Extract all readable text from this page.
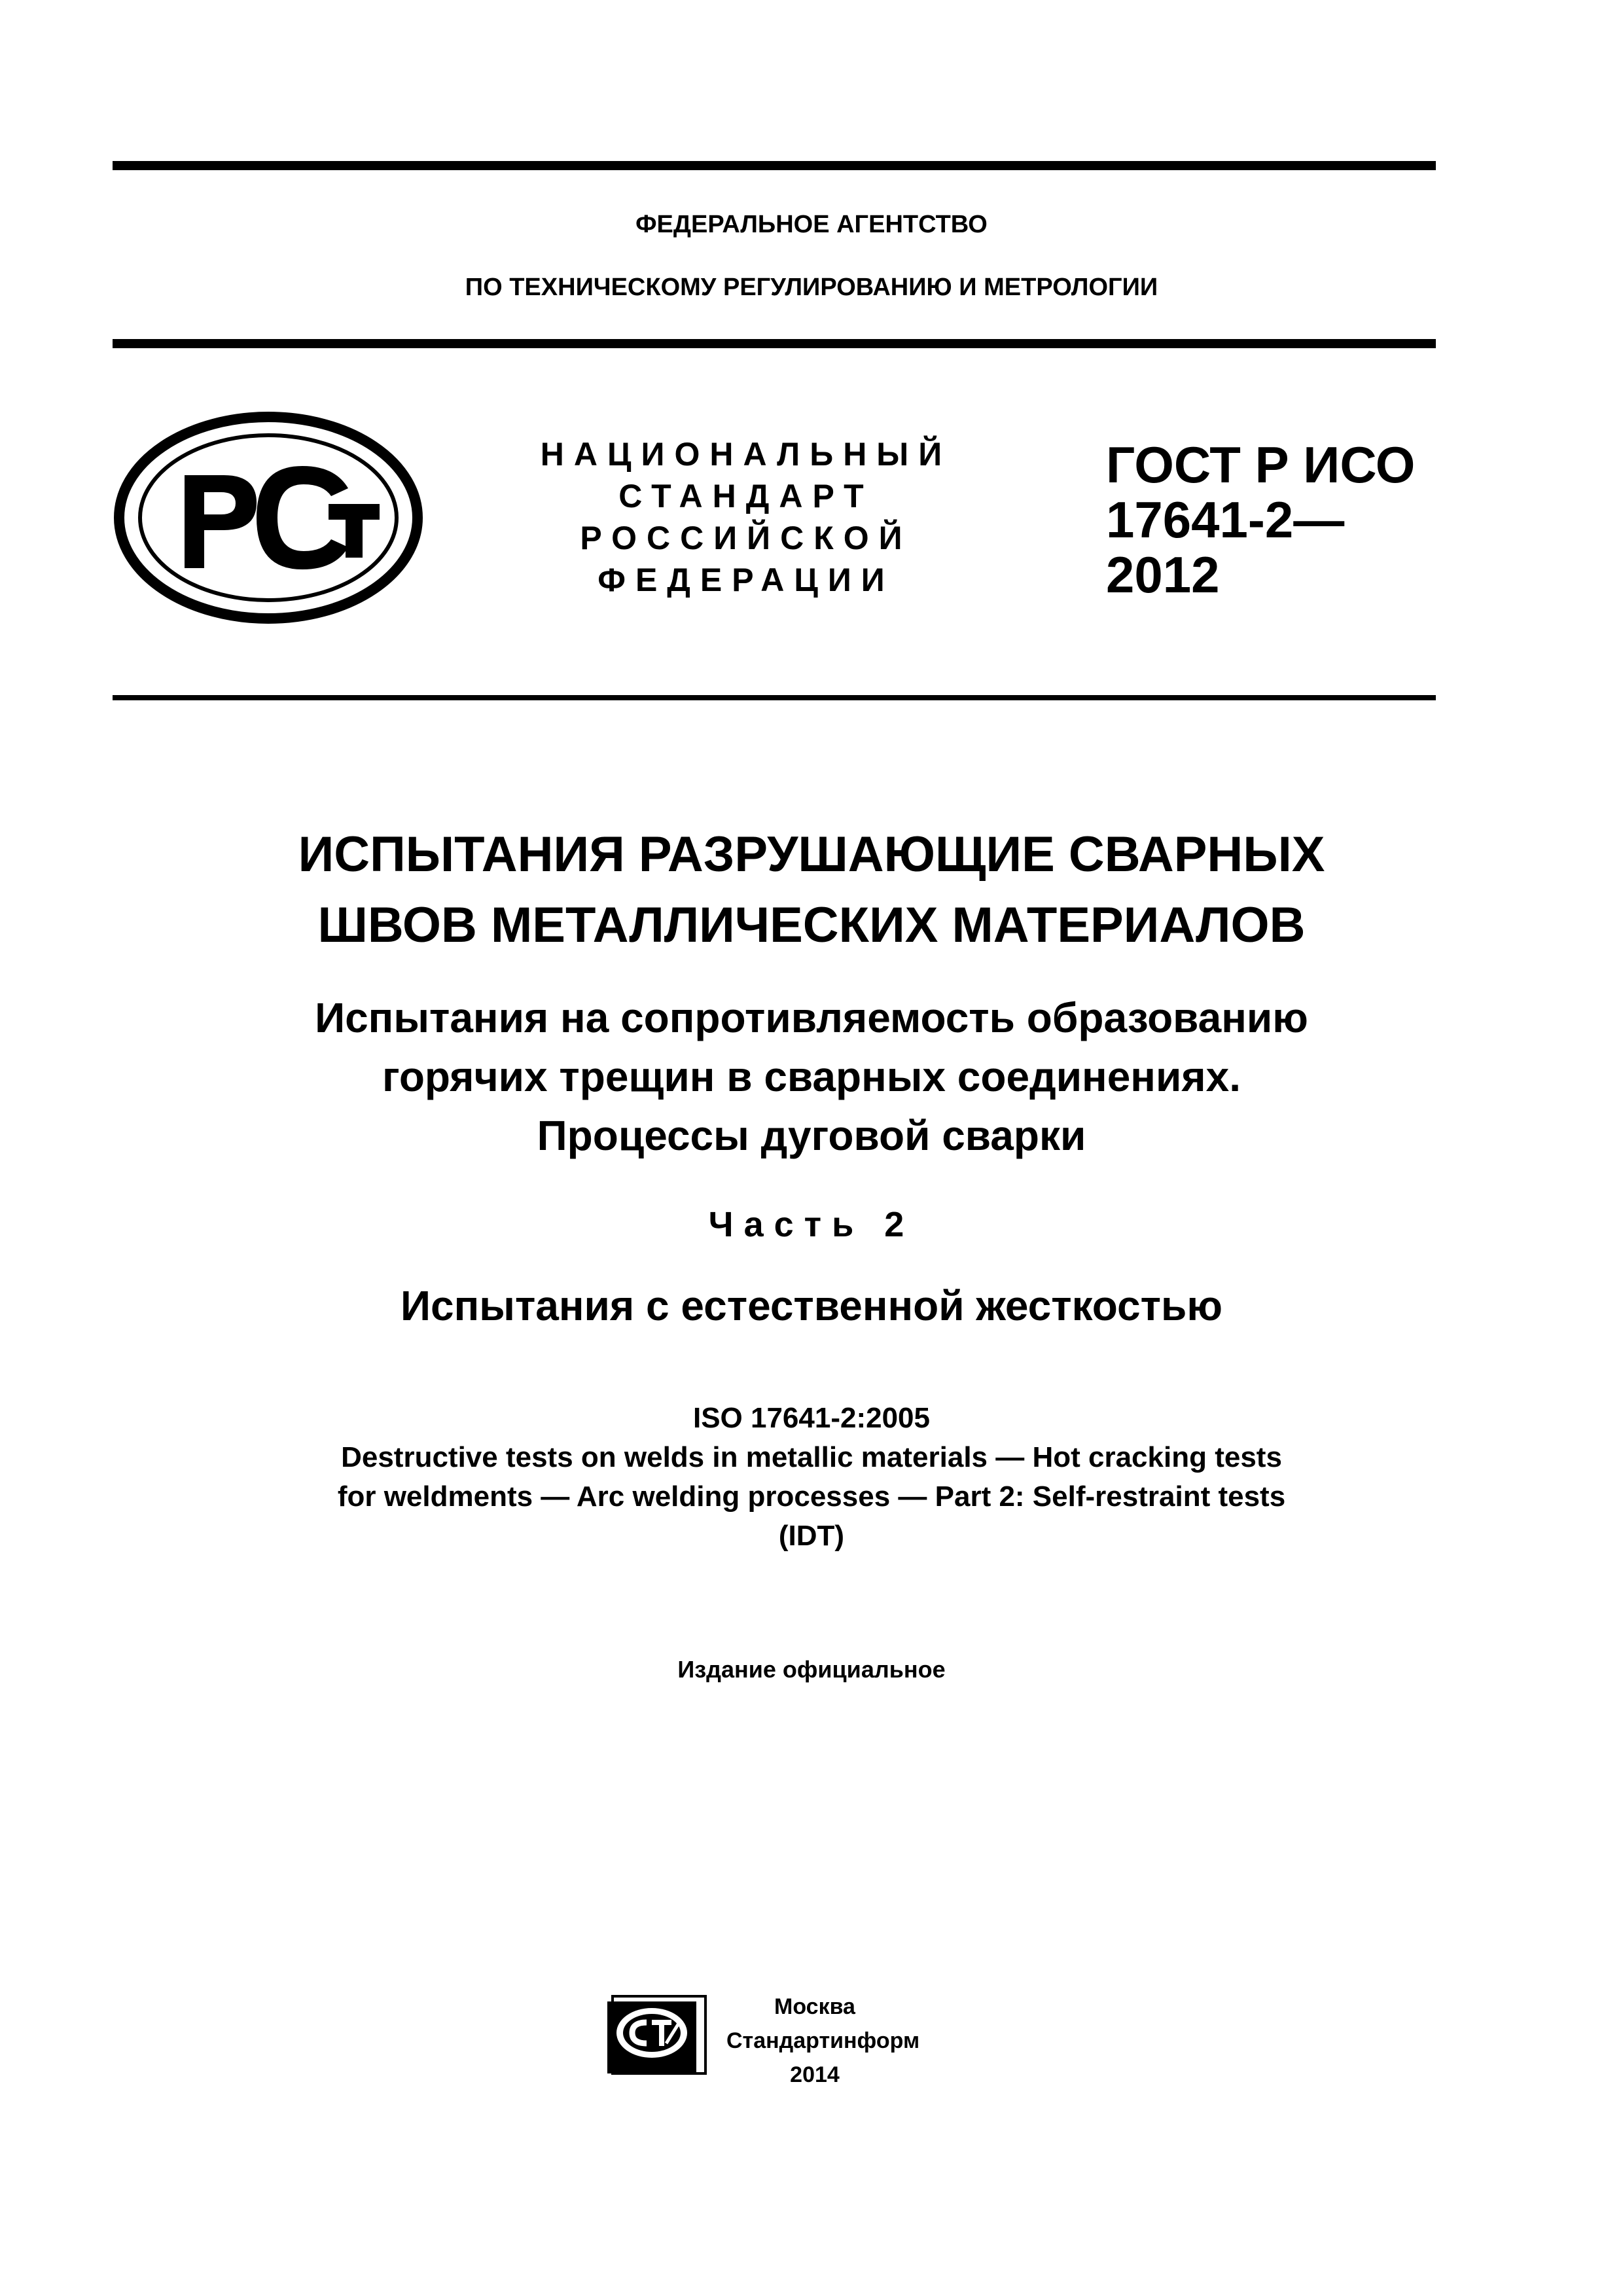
ФЕДЕРАЛЬНОЕ АГЕНТСТВО
ПО ТЕХНИЧЕСКОМУ РЕГУЛИРОВАНИЮ И МЕТРОЛОГИИ
НАЦИОНАЛЬНЫЙ
СТАНДАРТ
РОССИЙСКОЙ
ФЕДЕРАЦИИ
ГОСТ Р ИСО
17641-2—
2012
ИСПЫТАНИЯ РАЗРУШАЮЩИЕ СВАРНЫХ
ШВОВ МЕТАЛЛИЧЕСКИХ МАТЕРИАЛОВ
Испытания на сопротивляемость образованию
горячих трещин в сварных соединениях.
Процессы дуговой сварки
Часть 2
Испытания с естественной жесткостью
ISO 17641-2:2005
Destructive tests on welds in metallic materials — Hot cracking tests
for weldments — Arc welding processes — Part 2: Self-restraint tests
(IDT)
Издание официальное
Москва
Стандартинформ
2014
